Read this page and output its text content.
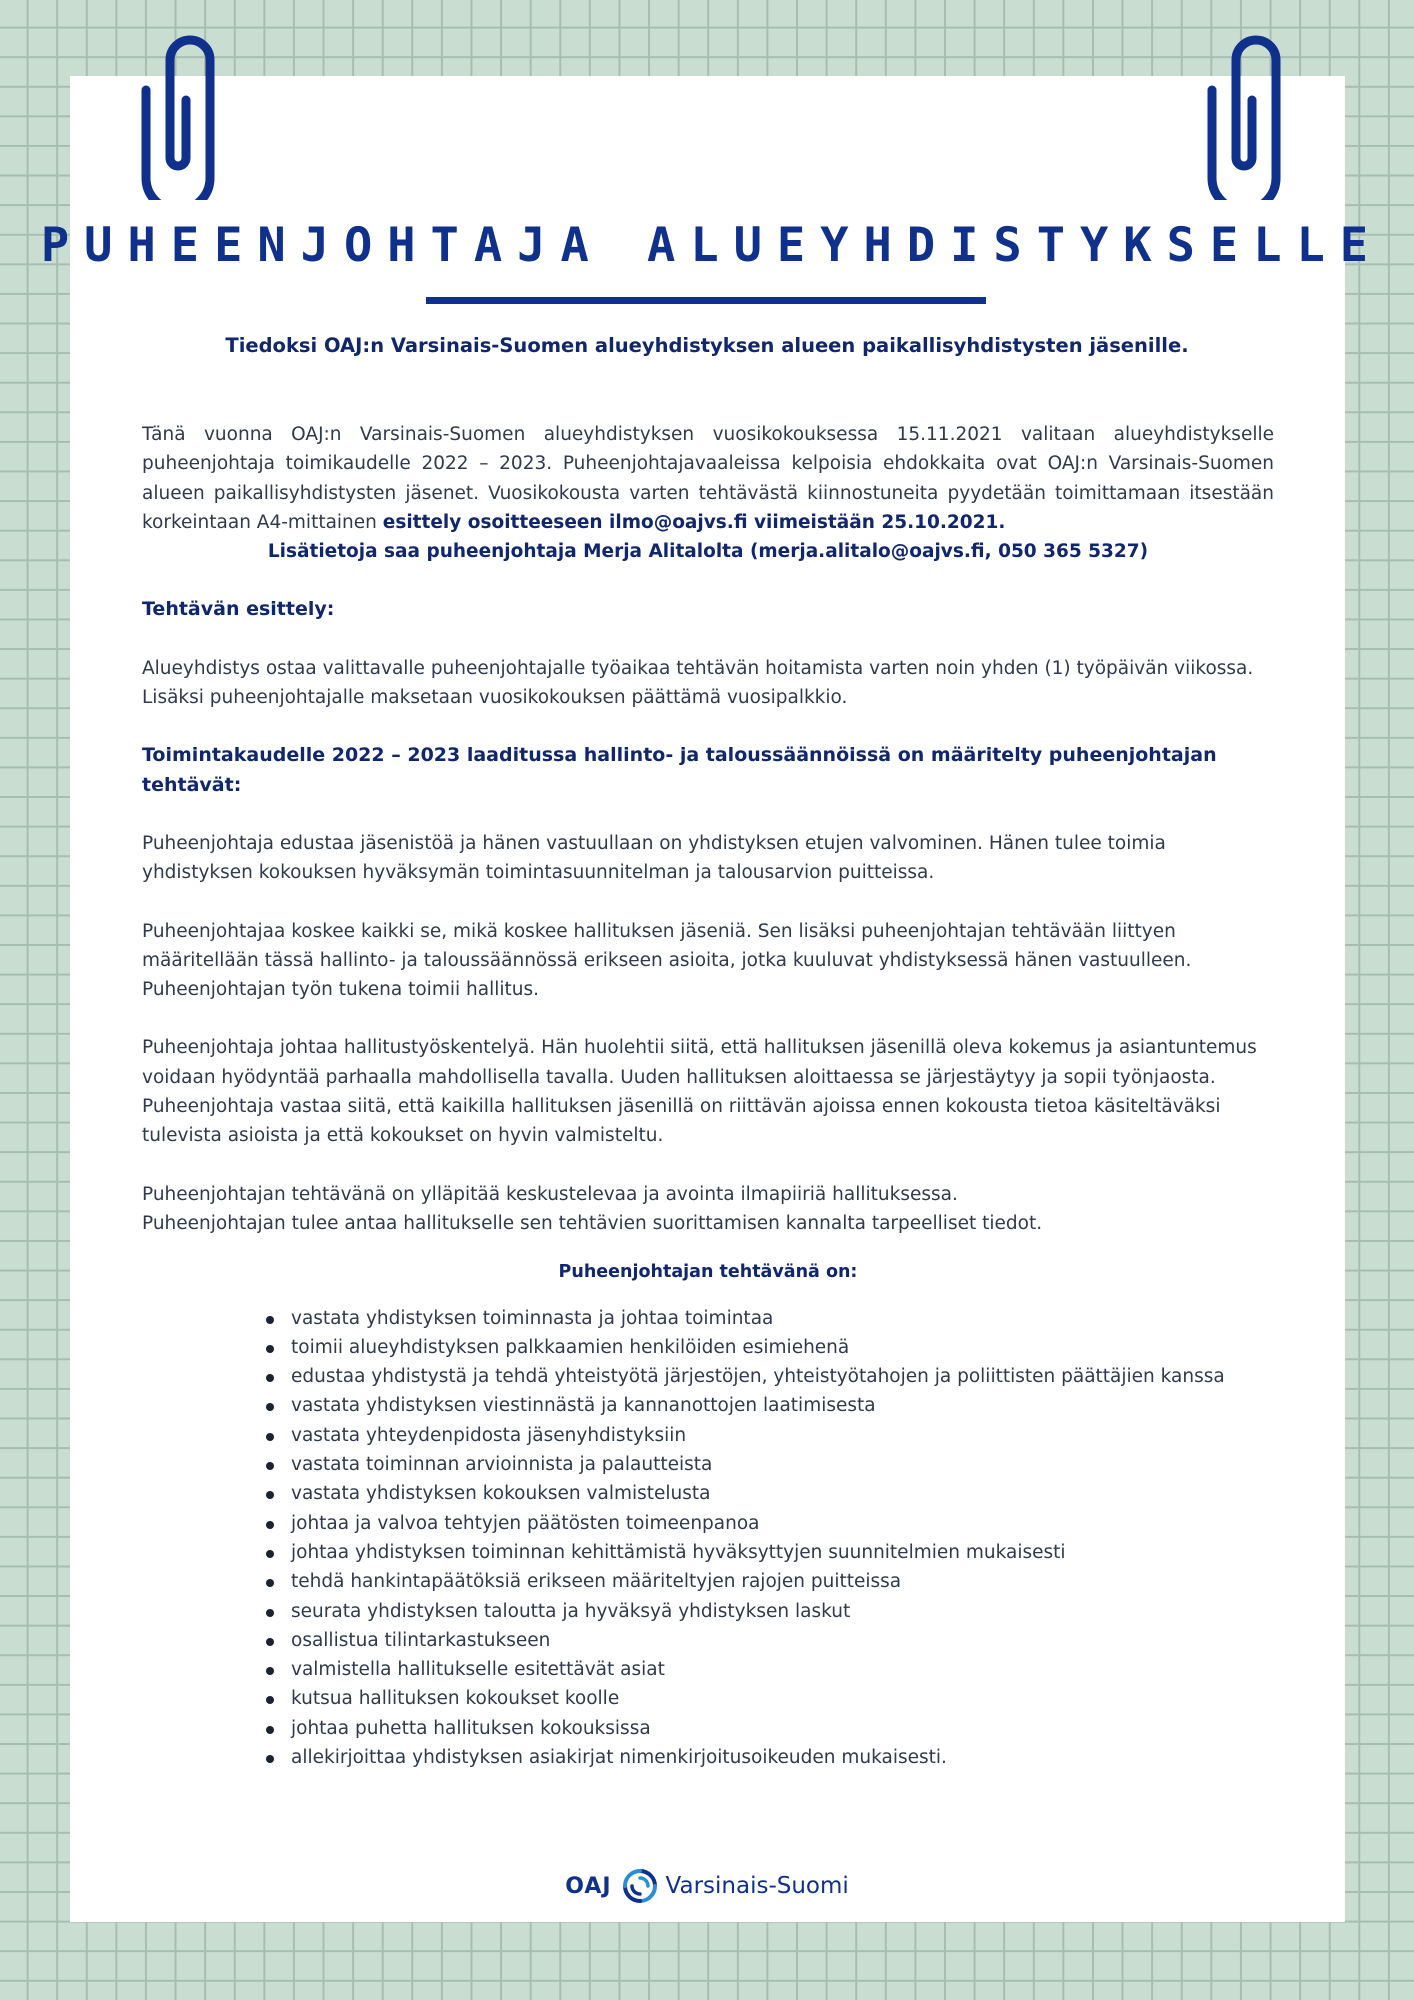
PUHEENJOHTAJA ALUEYHDISTYKSELLE
Tiedoksi OAJ:n Varsinais-Suomen alueyhdistyksen alueen paikallisyhdistysten jäsenille.

Tänä vuonna OAJ:n Varsinais-Suomen alueyhdistyksen vuosikokouksessa 15.11.2021 valitaan alueyhdistykselle puheenjohtaja toimikaudelle 2022 – 2023. Puheenjohtajavaaleissa kelpoisia ehdokkaita ovat OAJ:n Varsinais-Suomen alueen paikallisyhdistysten jäsenet. Vuosikokousta varten tehtävästä kiinnostuneita pyydetään toimittamaan itsestään korkeintaan A4-mittainen esittely osoitteeseen ilmo@oajvs.fi viimeistään 25.10.2021.

Lisätietoja saa puheenjohtaja Merja Alitalolta (merja.alitalo@oajvs.fi, 050 365 5327)

Tehtävän esittely:

Alueyhdistys ostaa valittavalle puheenjohtajalle työaikaa tehtävän hoitamista varten noin yhden (1) työpäivän viikossa. Lisäksi puheenjohtajalle maksetaan vuosikokouksen päättämä vuosipalkkio.

Toimintakaudelle 2022 – 2023 laaditussa hallinto- ja taloussäännöissä on määritelty puheenjohtajan tehtävät:

Puheenjohtaja edustaa jäsenistöä ja hänen vastuullaan on yhdistyksen etujen valvominen. Hänen tulee toimia yhdistyksen kokouksen hyväksymän toimintasuunnitelman ja talousarvion puitteissa.

Puheenjohtajaa koskee kaikki se, mikä koskee hallituksen jäseniä. Sen lisäksi puheenjohtajan tehtävään liittyen määritellään tässä hallinto- ja taloussäännössä erikseen asioita, jotka kuuluvat yhdistyksessä hänen vastuulleen. Puheenjohtajan työn tukena toimii hallitus.

Puheenjohtaja johtaa hallitustyöskentelyä. Hän huolehtii siitä, että hallituksen jäsenillä oleva kokemus ja asiantuntemus voidaan hyödyntää parhaalla mahdollisella tavalla. Uuden hallituksen aloittaessa se järjestäytyy ja sopii työnjaosta. Puheenjohtaja vastaa siitä, että kaikilla hallituksen jäsenillä on riittävän ajoissa ennen kokousta tietoa käsiteltäväksi tulevista asioista ja että kokoukset on hyvin valmisteltu.

Puheenjohtajan tehtävänä on ylläpitää keskustelevaa ja avointa ilmapiiriä hallituksessa.

Puheenjohtajan tulee antaa hallitukselle sen tehtävien suorittamisen kannalta tarpeelliset tiedot.

Puheenjohtajan tehtävänä on:

vastata yhdistyksen toiminnasta ja johtaa toimintaa
toimii alueyhdistyksen palkkaamien henkilöiden esimiehenä
edustaa yhdistystä ja tehdä yhteistyötä järjestöjen, yhteistyötahojen ja poliittisten päättäjien kanssa
vastata yhdistyksen viestinnästä ja kannanottojen laatimisesta
vastata yhteydenpidosta jäsenyhdistyksiin
vastata toiminnan arvioinnista ja palautteista
vastata yhdistyksen kokouksen valmistelusta
johtaa ja valvoa tehtyjen päätösten toimeenpanoa
johtaa yhdistyksen toiminnan kehittämistä hyväksyttyjen suunnitelmien mukaisesti
tehdä hankintapäätöksiä erikseen määriteltyjen rajojen puitteissa
seurata yhdistyksen taloutta ja hyväksyä yhdistyksen laskut
osallistua tilintarkastukseen
valmistella hallitukselle esitettävät asiat
kutsua hallituksen kokoukset koolle
johtaa puhetta hallituksen kokouksissa
allekirjoittaa yhdistyksen asiakirjat nimenkirjoitusoikeuden mukaisesti.
OAJ Varsinais-Suomi
